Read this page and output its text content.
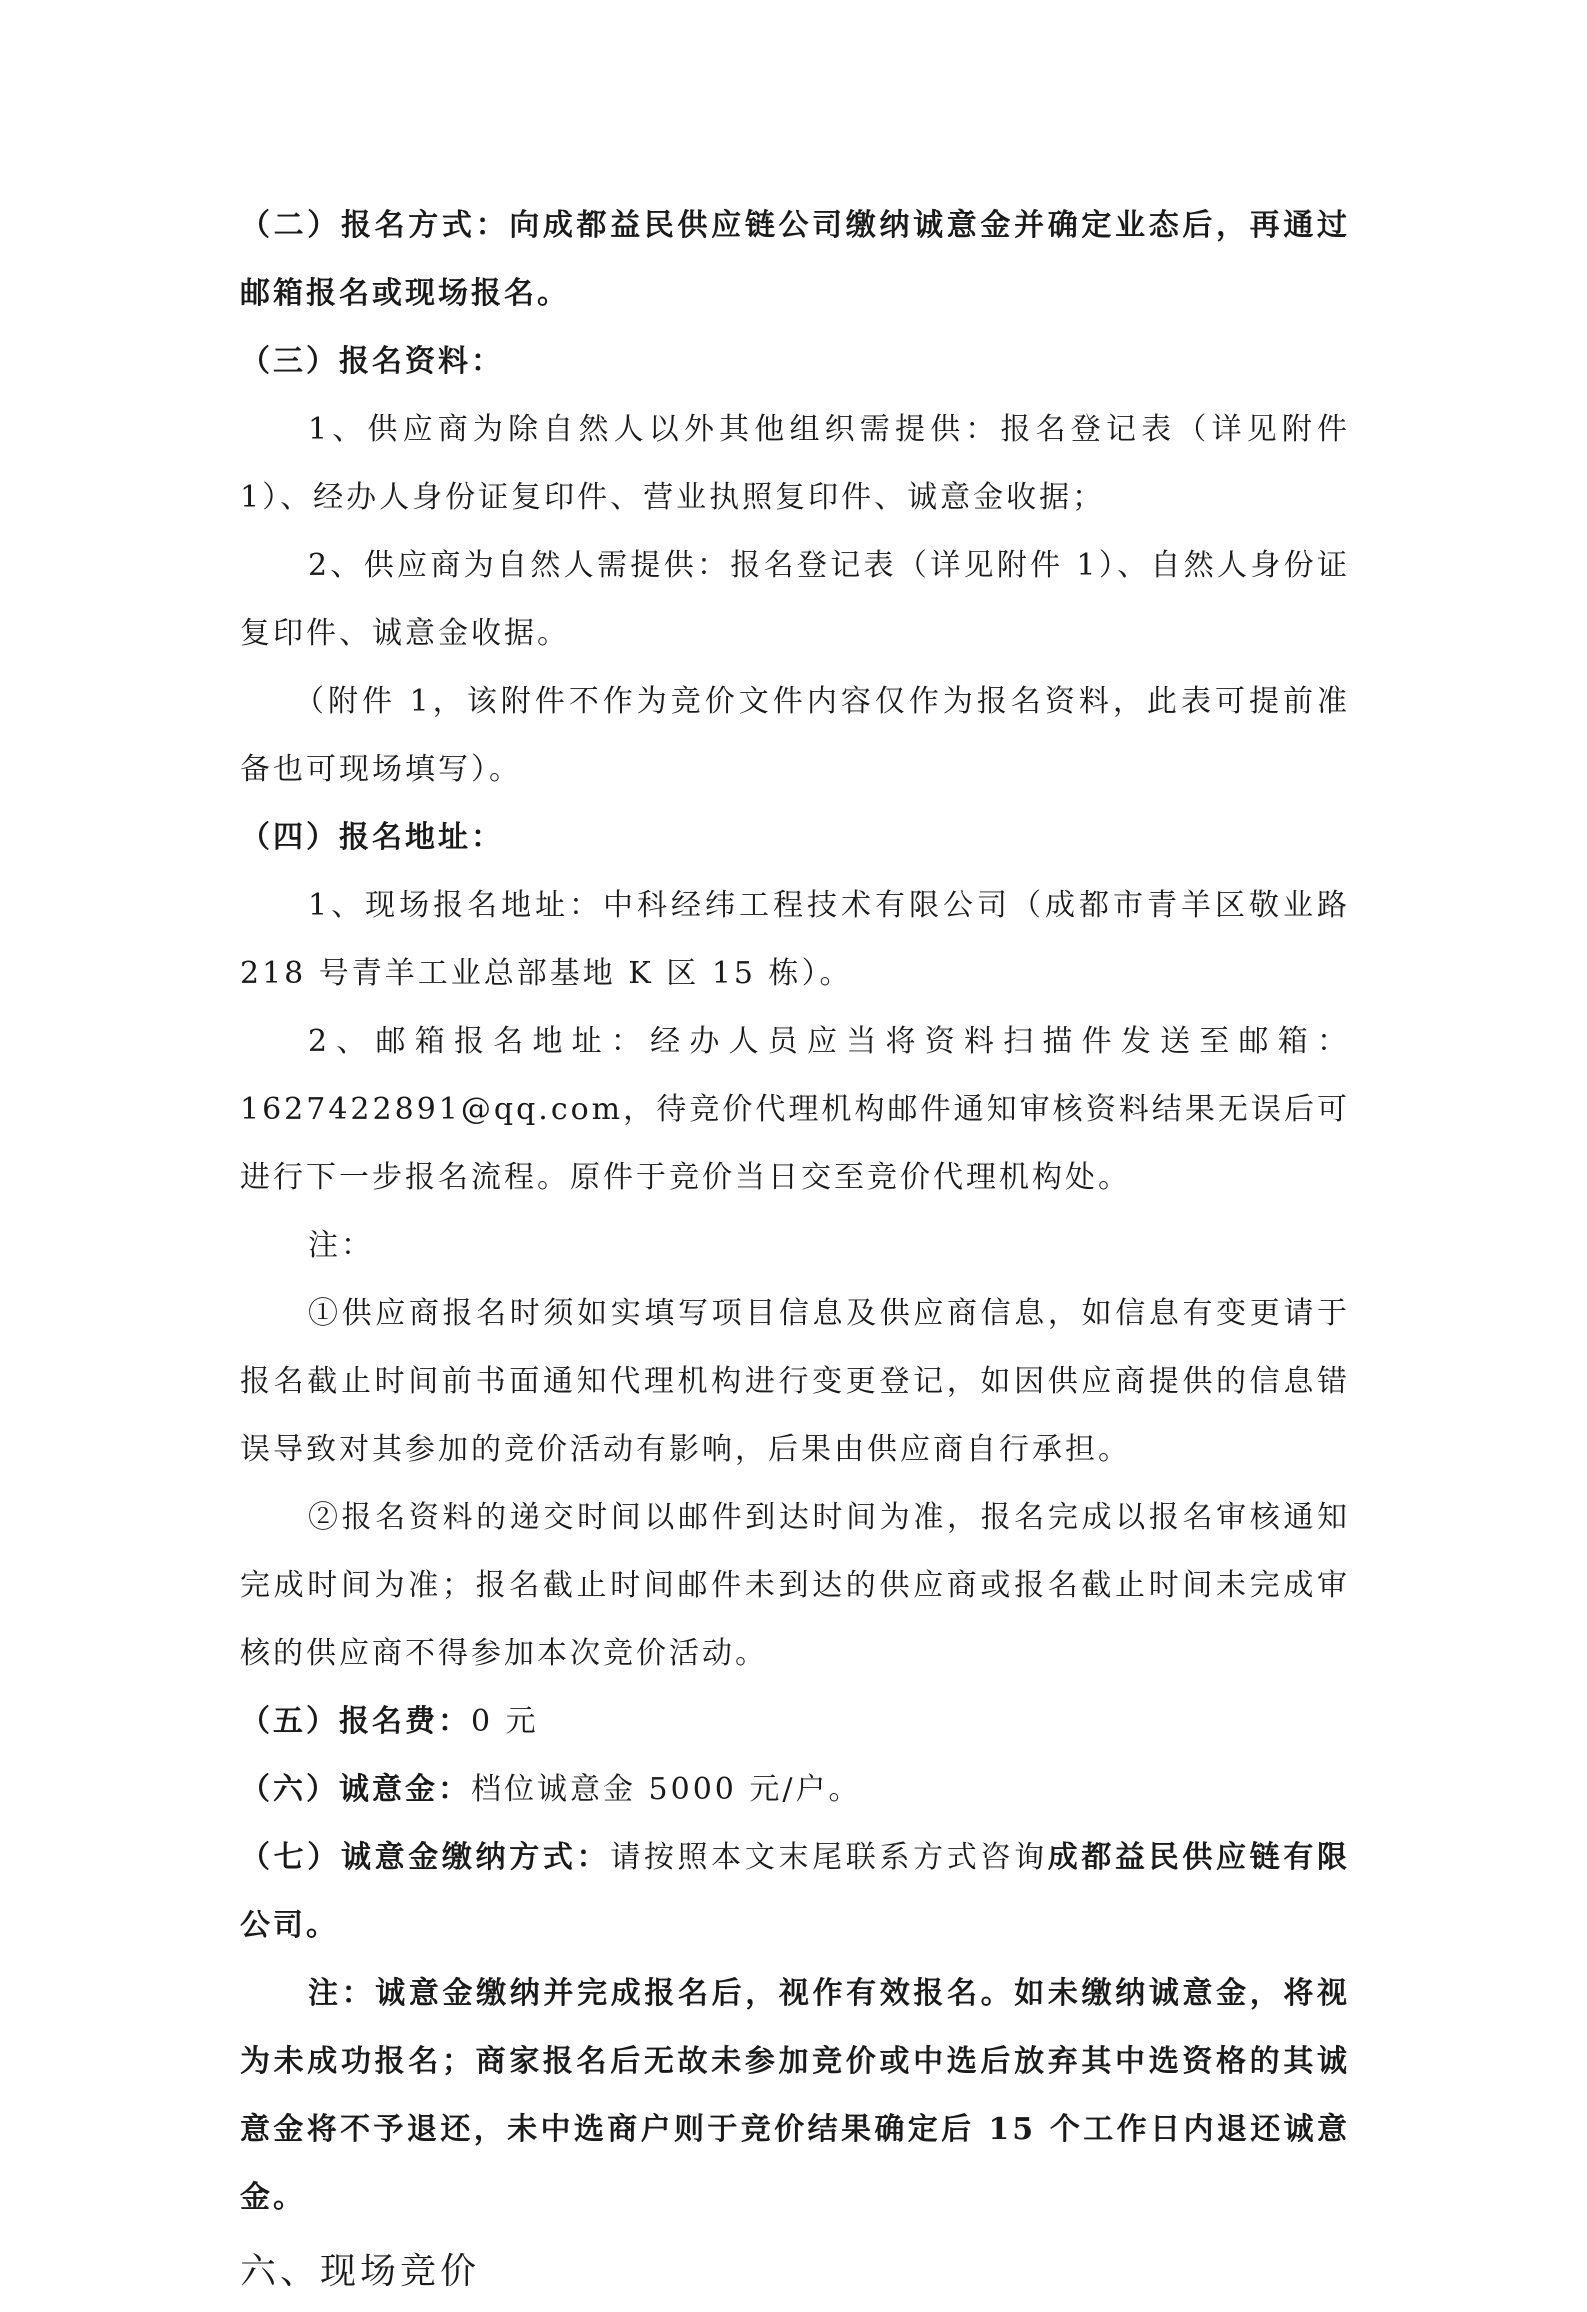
（二）报名方式：向成都益民供应链公司缴纳诚意金并确定业态后，再通过邮箱报名或现场报名。

（三）报名资料：

1、供应商为除自然人以外其他组织需提供：报名登记表（详见附件 1）、经办人身份证复印件、营业执照复印件、诚意金收据；

2、供应商为自然人需提供：报名登记表（详见附件 1）、自然人身份证复印件、诚意金收据。

（附件 1，该附件不作为竞价文件内容仅作为报名资料，此表可提前准备也可现场填写）。

（四）报名地址：

1、现场报名地址：中科经纬工程技术有限公司（成都市青羊区敬业路 218 号青羊工业总部基地 K 区 15 栋）。

2、邮箱报名地址：经办人员应当将资料扫描件发送至邮箱：1627422891@qq.com，待竞价代理机构邮件通知审核资料结果无误后可进行下一步报名流程。原件于竞价当日交至竞价代理机构处。

注：

①供应商报名时须如实填写项目信息及供应商信息，如信息有变更请于报名截止时间前书面通知代理机构进行变更登记，如因供应商提供的信息错误导致对其参加的竞价活动有影响，后果由供应商自行承担。

②报名资料的递交时间以邮件到达时间为准，报名完成以报名审核通知完成时间为准；报名截止时间邮件未到达的供应商或报名截止时间未完成审核的供应商不得参加本次竞价活动。

（五）报名费：0 元

（六）诚意金：档位诚意金 5000 元/户。

（七）诚意金缴纳方式：请按照本文末尾联系方式咨询成都益民供应链有限公司。

注：诚意金缴纳并完成报名后，视作有效报名。如未缴纳诚意金，将视为未成功报名；商家报名后无故未参加竞价或中选后放弃其中选资格的其诚意金将不予退还，未中选商户则于竞价结果确定后 15 个工作日内退还诚意金。

六、现场竞价
